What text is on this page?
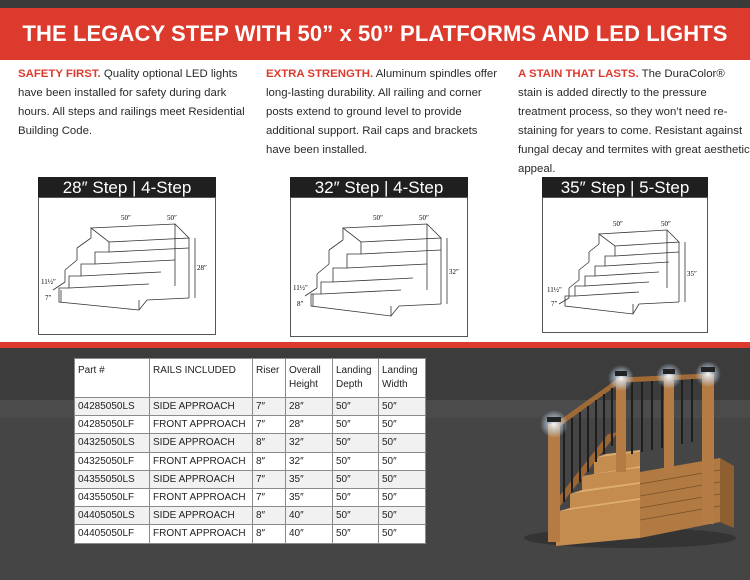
THE LEGACY STEP WITH 50” x 50” PLATFORMS AND LED LIGHTS
SAFETY FIRST. Quality optional LED lights have been installed for safety during dark hours. All steps and railings meet Residential Building Code.
EXTRA STRENGTH. Aluminum spindles offer long-lasting durability. All railing and corner posts extend to ground level to provide additional support. Rail caps and brackets have been installed.
A STAIN THAT LASTS. The DuraColor® stain is added directly to the pressure treatment process, so they won’t need re-staining for years to come. Resistant against fungal decay and termites with great aesthetic appeal.
28″ Step | 4-Step
50″	50″
28″
11½″
7″
32″ Step | 4-Step
50″	50″
32″
11½″
8″
35″ Step | 5-Step
50″	50″
35″
11½″
7″
Part #	RAILS INCLUDED	Riser	Overall Height	Landing Depth	Landing Width
04285050LS	SIDE APPROACH	7″	28″	50″	50″
04285050LF	FRONT APPROACH	7″	28″	50″	50″
04325050LS	SIDE APPROACH	8″	32″	50″	50″
04325050LF	FRONT APPROACH	8″	32″	50″	50″
04355050LS	SIDE APPROACH	7″	35″	50″	50″
04355050LF	FRONT APPROACH	7″	35″	50″	50″
04405050LS	SIDE APPROACH	8″	40″	50″	50″
04405050LF	FRONT APPROACH	8″	40″	50″	50″
